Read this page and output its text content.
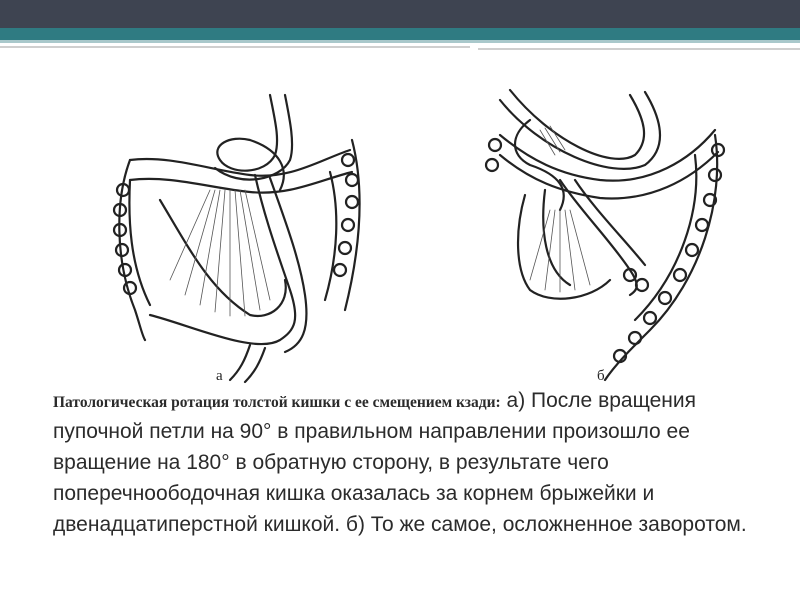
а	б

Патологическая ротация толстой кишки с ее смещением кзади: а) После вращения пупочной петли на 90° в правильном направлении произошло ее вращение на 180° в обратную сторону, в результате чего поперечноободочная кишка оказалась за корнем брыжейки и двенадцатиперстной кишкой. б) То же самое, осложненное заворотом.
